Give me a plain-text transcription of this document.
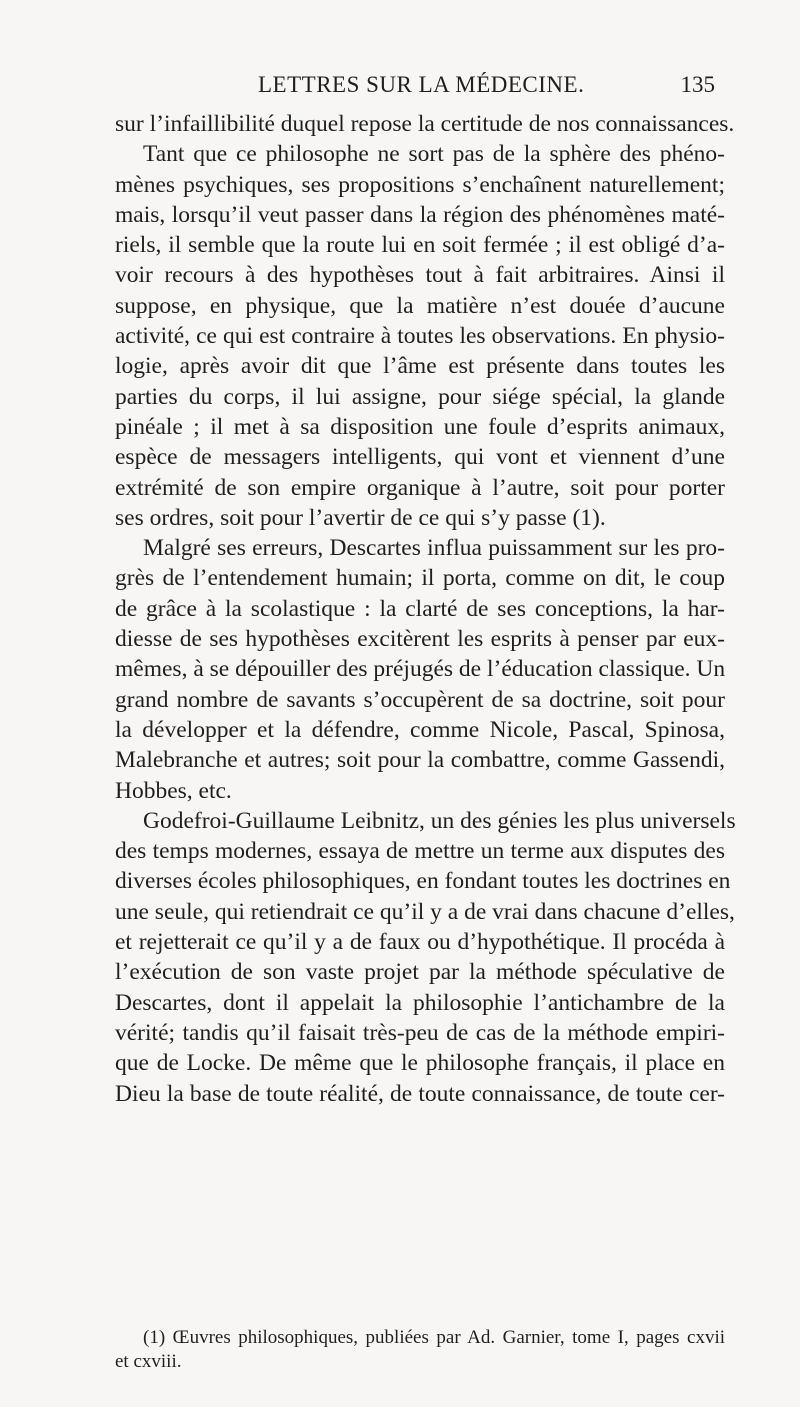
LETTRES SUR LA MÉDECINE.	135
sur l’infaillibilité duquel repose la certitude de nos connaissances.
Tant que ce philosophe ne sort pas de la sphère des phéno-
mènes psychiques, ses propositions s’enchaînent naturellement;
mais, lorsqu’il veut passer dans la région des phénomènes maté-
riels, il semble que la route lui en soit fermée ; il est obligé d’a-
voir recours à des hypothèses tout à fait arbitraires. Ainsi il
suppose, en physique, que la matière n’est douée d’aucune
activité, ce qui est contraire à toutes les observations. En physio-
logie, après avoir dit que l’âme est présente dans toutes les
parties du corps, il lui assigne, pour siége spécial, la glande
pinéale ; il met à sa disposition une foule d’esprits animaux,
espèce de messagers intelligents, qui vont et viennent d’une
extrémité de son empire organique à l’autre, soit pour porter
ses ordres, soit pour l’avertir de ce qui s’y passe (1).
Malgré ses erreurs, Descartes influa puissamment sur les pro-
grès de l’entendement humain; il porta, comme on dit, le coup
de grâce à la scolastique : la clarté de ses conceptions, la har-
diesse de ses hypothèses excitèrent les esprits à penser par eux-
mêmes, à se dépouiller des préjugés de l’éducation classique. Un
grand nombre de savants s’occupèrent de sa doctrine, soit pour
la développer et la défendre, comme Nicole, Pascal, Spinosa,
Malebranche et autres; soit pour la combattre, comme Gassendi,
Hobbes, etc.
Godefroi-Guillaume Leibnitz, un des génies les plus universels
des temps modernes, essaya de mettre un terme aux disputes des
diverses écoles philosophiques, en fondant toutes les doctrines en
une seule, qui retiendrait ce qu’il y a de vrai dans chacune d’elles,
et rejetterait ce qu’il y a de faux ou d’hypothétique. Il procéda à
l’exécution de son vaste projet par la méthode spéculative de
Descartes, dont il appelait la philosophie l’antichambre de la
vérité; tandis qu’il faisait très-peu de cas de la méthode empiri-
que de Locke. De même que le philosophe français, il place en
Dieu la base de toute réalité, de toute connaissance, de toute cer-
(1) Œuvres philosophiques, publiées par Ad. Garnier, tome I, pages cxvii
et cxviii.
